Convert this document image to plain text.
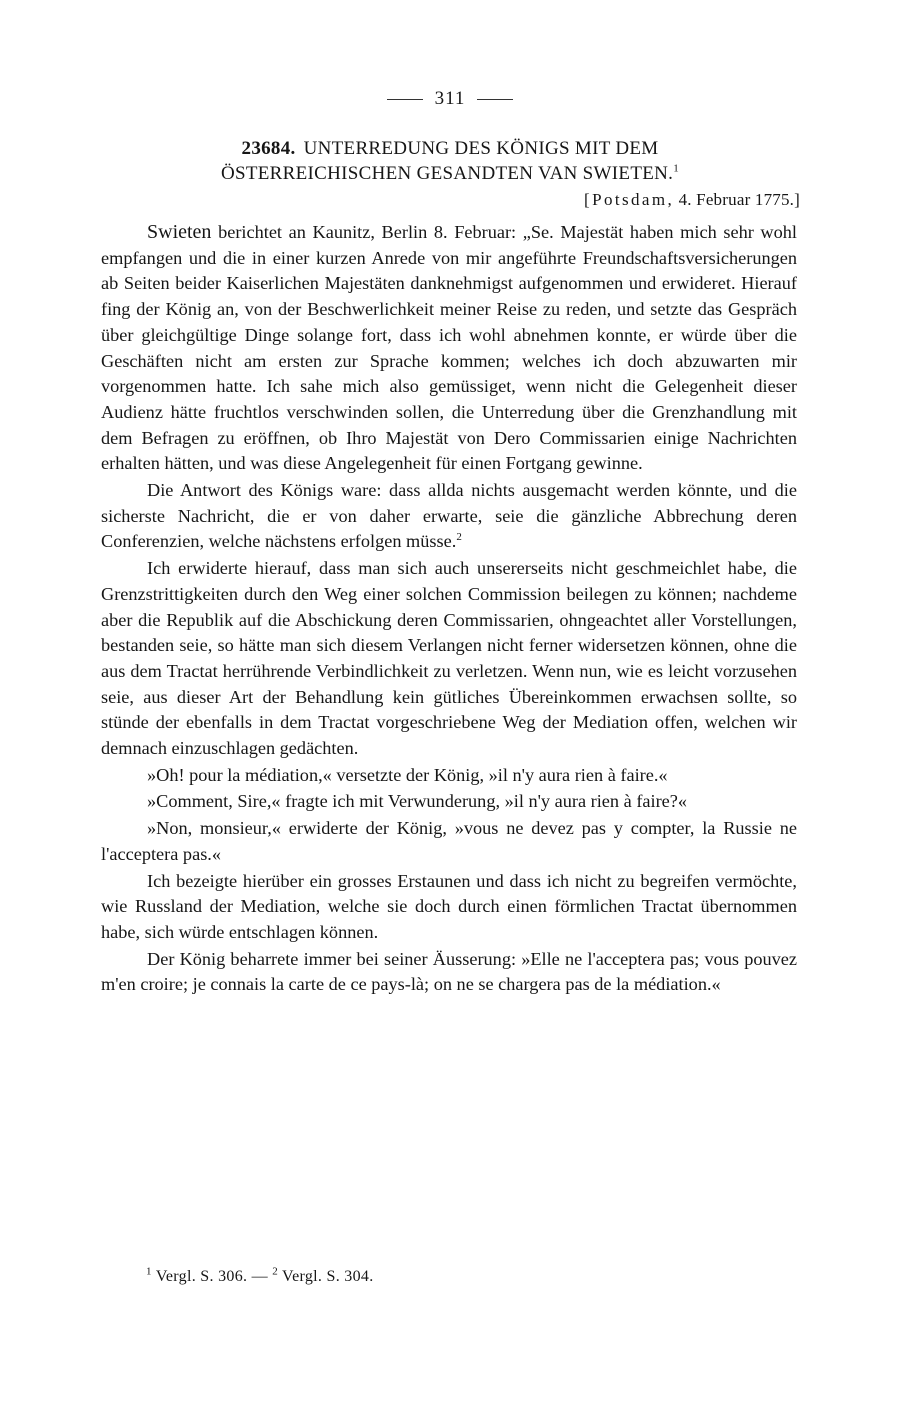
311
23684. UNTERREDUNG DES KÖNIGS MIT DEM
ÖSTERREICHISCHEN GESANDTEN VAN SWIETEN.$^1$
[Potsdam, 4. Februar 1775.]

Swieten berichtet an Kaunitz, Berlin 8. Februar: „Se. Majestät haben mich sehr wohl empfangen und die in einer kurzen Anrede von mir angeführte Freundschaftsversicherungen ab Seiten beider Kaiserlichen Majestäten danknehmigst aufgenommen und erwideret. Hierauf fing der König an, von der Beschwerlichkeit meiner Reise zu reden, und setzte das Gespräch über gleichgültige Dinge solange fort, dass ich wohl abnehmen konnte, er würde über die Geschäften nicht am ersten zur Sprache kommen; welches ich doch abzuwarten mir vorgenommen hatte. Ich sahe mich also gemüssiget, wenn nicht die Gelegenheit dieser Audienz hätte fruchtlos verschwinden sollen, die Unterredung über die Grenzhandlung mit dem Befragen zu eröffnen, ob Ihro Majestät von Dero Commissarien einige Nachrichten erhalten hätten, und was diese Angelegenheit für einen Fortgang gewinne.

Die Antwort des Königs ware: dass allda nichts ausgemacht werden könnte, und die sicherste Nachricht, die er von daher erwarte, seie die gänzliche Abbrechung deren Conferenzien, welche nächstens erfolgen müsse.$^2$

Ich erwiderte hierauf, dass man sich auch unsererseits nicht geschmeichlet habe, die Grenzstrittigkeiten durch den Weg einer solchen Commission beilegen zu können; nachdeme aber die Republik auf die Abschickung deren Commissarien, ohngeachtet aller Vorstellungen, bestanden seie, so hätte man sich diesem Verlangen nicht ferner widersetzen können, ohne die aus dem Tractat herrührende Verbindlichkeit zu verletzen. Wenn nun, wie es leicht vorzusehen seie, aus dieser Art der Behandlung kein gütliches Übereinkommen erwachsen sollte, so stünde der ebenfalls in dem Tractat vorgeschriebene Weg der Mediation offen, welchen wir demnach einzuschlagen gedächten.

»Oh! pour la médiation,« versetzte der König, »il n'y aura rien à faire.«

»Comment, Sire,« fragte ich mit Verwunderung, »il n'y aura rien à faire?«

»Non, monsieur,« erwiderte der König, »vous ne devez pas y compter, la Russie ne l'acceptera pas.«

Ich bezeigte hierüber ein grosses Erstaunen und dass ich nicht zu begreifen vermöchte, wie Russland der Mediation, welche sie doch durch einen förmlichen Tractat übernommen habe, sich würde entschlagen können.

Der König beharrete immer bei seiner Äusserung: »Elle ne l'acceptera pas; vous pouvez m'en croire; je connais la carte de ce pays-là; on ne se chargera pas de la médiation.«

$^1$ Vergl. S. 306. — $^2$ Vergl. S. 304.
